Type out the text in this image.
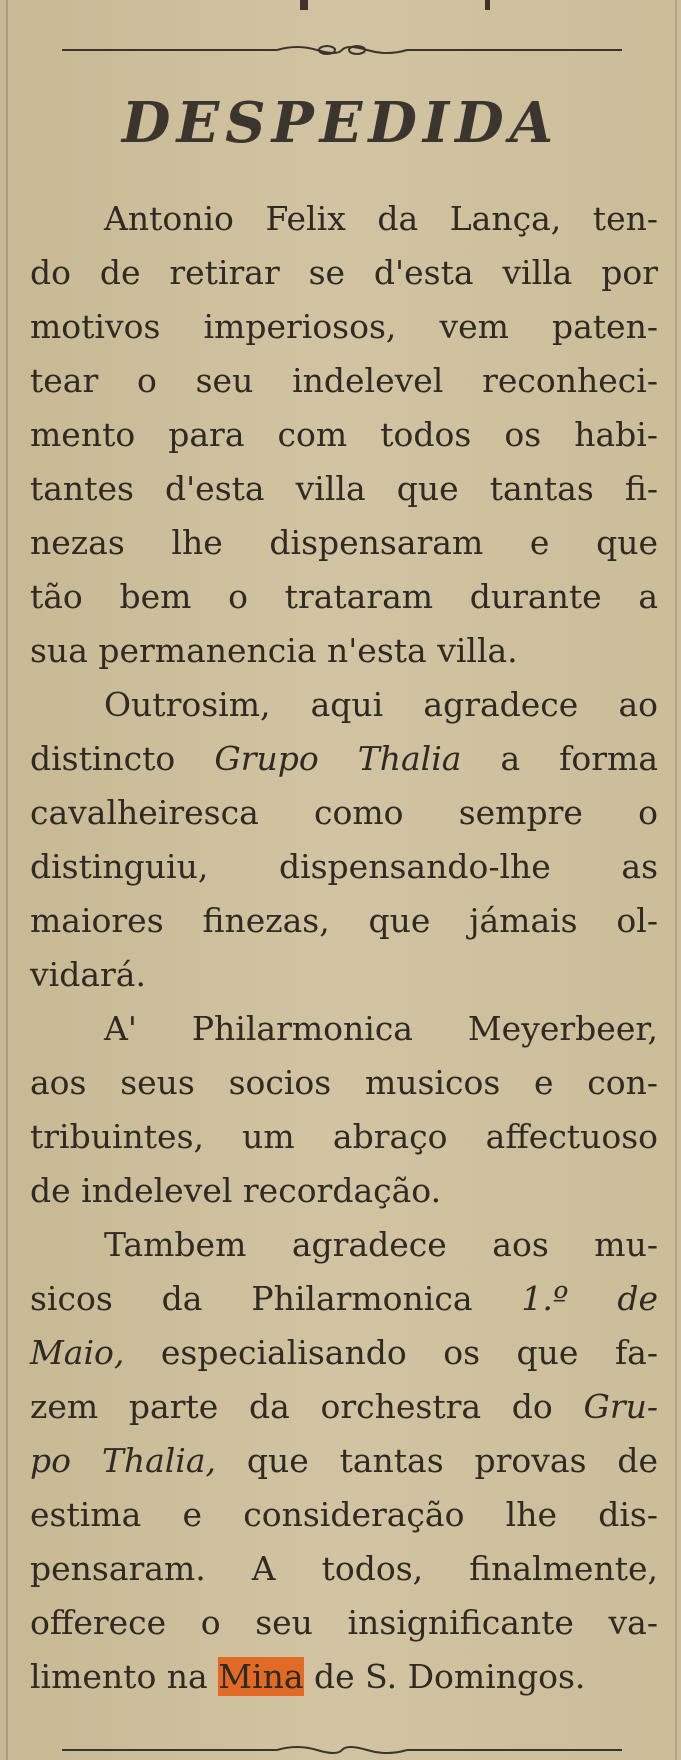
DESPEDIDA
Antonio Felix da Lança, ten-
do de retirar se d'esta villa por
motivos imperiosos, vem paten-
tear o seu indelevel reconheci-
mento para com todos os habi-
tantes d'esta villa que tantas fi-
nezas lhe dispensaram e que
tão bem o trataram durante a
sua permanencia n'esta villa.
Outrosim, aqui agradece ao
distincto Grupo Thalia a forma
cavalheiresca como sempre o
distinguiu, dispensando-lhe as
maiores finezas, que jámais ol-
vidará.
A' Philarmonica Meyerbeer,
aos seus socios musicos e con-
tribuintes, um abraço affectuoso
de indelevel recordação.
Tambem agradece aos mu-
sicos da Philarmonica 1.º de
Maio, especialisando os que fa-
zem parte da orchestra do Gru-
po Thalia, que tantas provas de
estima e consideração lhe dis-
pensaram. A todos, finalmente,
offerece o seu insignificante va-
limento na Mina de S. Domingos.
